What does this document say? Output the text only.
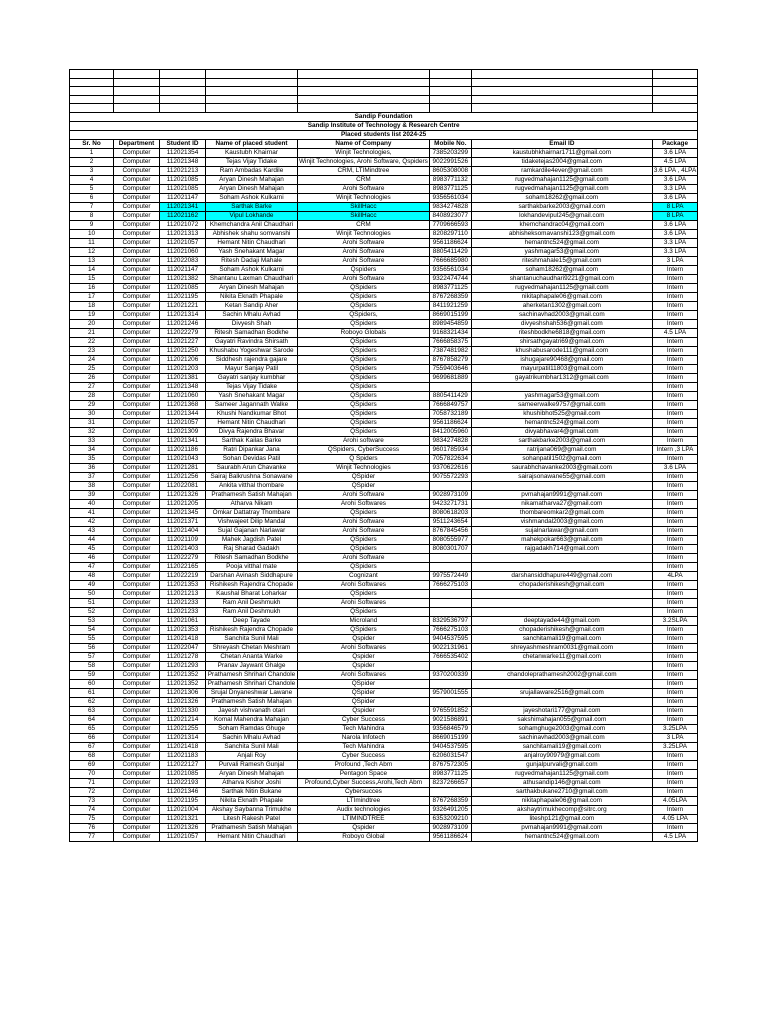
Sandip Foundation							
Sandip Institute of Technology & Research Centre							
Placed students list 2024-25							
Sr. No	Department	Student ID	Name of placed student	Name of Company	Mobile No.	Email ID	Package
1	Computer	112021354	Kaustubh Khairnar	Winjit Technologies,	7385203299	kaustubhkhairnar1711@gmail.com	3.6 LPA
2	Computer	112021348	Tejas Vijay Tidake	Winjit Technologies, Arohi Software, Qspiders	9022991526	tidaketejas2004@gmail.com	4.5 LPA
3	Computer	112021213	Ram Ambadas Kardile	CRM, LTIMindtree	8605308008	ramkardile4ever@gmail.com	3.6 LPA , 4LPA
4	Computer	112021085	Aryan Dinesh Mahajan	CRM	8983771132	rugvedmahajan1125@gmail.com	3.6 LPA
5	Computer	112021085	Aryan Dinesh Mahajan	Arohi Software	8983771125	rugvedmahajan1125@gmail.com	3.3 LPA
6	Computer	112021147	Soham Ashok Kulkarni	Winjit Technologies	9356561034	soham18262@gmail.com	3.6 LPA
7	Computer	112021341	Sarthak Barke	SkillHacc	9834274828	sarthakbarke2003@gmail.com	8 LPA
8	Computer	112021162	Vipul Lokhande	SkillHacc	8408923077	lokhandevipul245@gmail.com	8 LPA
9	Computer	112021072	Khemchandra Anil Chaudhari	CRM	7709666593	khemchandrac04@gmail.com	3.6 LPA
10	Computer	112021313	Abhishek shahu somvanshi	Winjit Technologies	8208297110	abhisheksomavanshi123@gmail.com	3.6 LPA
11	Computer	112021057	Hemant Nitin Chaudhari	Arohi Software	9561186624	hemantnc524@gmail.com	3.3 LPA
12	Computer	112021060	Yash Snehakant Magar	Arohi Software	8805411429	yashmagar53@gmail.com	3.3 LPA
13	Computer	112022083	Ritesh Dadaji Mahale	Arohi Software	7666685980	riteshmahale15@gmail.com	3 LPA
14	Computer	112021147	Soham Ashok Kulkarni	Qspiders	9356561034	soham18262@gmail.com	Intern
15	Computer	112021382	Shantanu Laxman Chaudhari	Arohi Software	9322474744	shantanuchaudhari9221@gmail.com	Intern
16	Computer	112021085	Aryan Dinesh Mahajan	QSpiders	8983771125	rugvedmahajan1125@gmail.com	Intern
17	Computer	112021195	Nikita Eknath Phapale	QSpiders	8767268359	nikitaphapale06@gmail.com	Intern
18	Computer	112021221	Ketan Sandip Aher	QSpiders	8411921259	aherketan1302@gmail.com	Intern
19	Computer	112021314	Sachin Mhalu Avhad	QSpiders,	8669015199	sachinavhad2003@gmail.com	Intern
20	Computer	112021246	Divyesh Shah	QSpiders	8989454859	divyeshshah536@gmail.com	Intern
21	Computer	112022279	Ritesh Samadhan Bodkhe	Roboyo Globals	9168321434	riteshbodkhe6818@gmail.com	4.5 LPA
22	Computer	112021227	Gayatri Ravindra Shirsath	QSpiders	7666858375	shirsathgayatri69@gmail.com	Intern
23	Computer	112021250	Khushabu Yogeshwar Sarode	QSpiders	7387481982	khushabusarode111@gmail.com	Intern
24	Computer	112021206	Siddhesh rajendra gajare	QSpiders	8767858279	ishugajare90468@gmail.com	Intern
25	Computer	112021203	Mayur Sanjay Patil	QSpiders	7559403646	mayurpatil11803@gmail.com	Intern
26	Computer	112021381	Gayatri sanjay kumbhar	QSpiders	9699681889	gayatrikumbhar1312@gmail.com	Intern
27	Computer	112021348	Tejas Vijay Tidake	QSpiders			Intern
28	Computer	112021060	Yash Snehakant Magar	QSpiders	8805411429	yashmagar53@gmail.com	Intern
29	Computer	112021368	Sameer Jagannath Walke	QSpiders	7666849757	sameerwalke9757@gmail.com	Intern
30	Computer	112021344	Khushi Nandkumar Bhot	QSpiders	7058732189	khushibhot525@gmail.com	Intern
31	Computer	112021057	Hemant Nitin Chaudhari	QSpiders	9561186624	hemantnc524@gmail.com	Intern
32	Computer	112021309	Divya Rajendra Bhavar	QSpiders	8412005960	divyabhavar4@gmail.com	Intern
33	Computer	112021341	Sarthak Kailas Barke	Arohi software	9834274828	sarthakbarke2003@gmail.com	Intern
34	Computer	112021186	Ratri Dipankar Jana	QSpiders, CyberSuccess	9601785934	ratrijana069@gmail.com	Intern ,3 LPA
35	Computer	112021043	Sohan Devidas Patil	Q Spiders	7057822634	sohanpatil1502@gmail.com	Intern
36	Computer	112021281	Saurabh Arun Chavanke	Winjit Technologies	9370622616	saurabhchavanke2003@gmail.com	3.6 LPA
37	Computer	112021256	Sairaj Balkrushna Sonawane	QSpider	9075572293	sairajsonawane55@gmail.com	Intern
38	Computer	112022081	Ankita vitthal thombare	QSpider			Intern
39	Computer	112021326	Prathamesh Satish Mahajan	Arohi Software	9028973109	pvmahajan9991@gmail.com	Intern
40	Computer	112021205	Atharva Nikam	Arohi Softwares	9423271731	nikamatharva27@gmail.com	Intern
41	Computer	112021345	Omkar Dattatray Thombare	QSpiders	8080618203	thombareomkar2@gmail.com	Intern
42	Computer	112021371	Vishwajeet Dilip Mandal	Arohi Software	9511243654	vishmandal2003@gmail.com	Intern
43	Computer	112021404	Sujal Gajanan Narlawar	Arohi Software	8767845456	sujalnarlawar@gmail.com	Intern
44	Computer	112021109	Mahek Jagdish Patel	QSpiders	8080555977	mahekpokar663@gmail.com	Intern
45	Computer	112021403	Raj Sharad Gadakh	QSpiders	8080301707	rajgadakh714@gmail.com	Intern
46	Computer	112022279	Ritesh Samadhan Bodkhe	Arohi Software			Intern
47	Computer	112022165	Pooja vitthal mate	QSpiders			Intern
48	Computer	112022219	Darshan Avinash Siddhapure	Cognizant	9975572449	darshansiddhapure449@gmail.com	4LPA
49	Computer	112021353	Rishikesh Rajendra Chopade	Arohi Softwares	7666275103	chopaderishikesh@gmail.com	Intern
50	Computer	112021213	Kaushal Bharat Loharkar	QSpiders			Intern
51	Computer	112021233	Ram Anil Deshmukh	Arohi Softwares			Intern
52	Computer	112021233	Ram Anil Deshmukh	QSpiders			Intern
53	Computer	112021061	Deep Tayade	Microland	8329536797	deeptayade44@gmail.com	3.2SLPA
54	Computer	112021353	Rishikesh Rajendra Chopade	QSpiders	7666275103	chopaderishikesh@gmail.com	Intern
55	Computer	112021418	Sanchita Sunil Mali	Qspider	9404537595	sanchitamali19@gmail.com	Intern
56	Computer	112022047	Shreyash Chetan Meshram	Arohi Softwares	9022131961	shreyashmeshram0031@gmail.com	Intern
57	Computer	112021278	Chetan Ananta Warke	Qspider	7666535402	chetanwarke11@gmail.com	Intern
58	Computer	112021293	Pranav Jaywant Ghalge	Qspider			Intern
59	Computer	112021352	Prathamesh Shrihari Chandole	Arohi Softwares	9370200339	chandoleprathamesh2002@gmail.com	Intern
60	Computer	112021352	Prathamesh Shrihari Chandole	QSpider			Intern
61	Computer	112021306	Srujal Dnyaneshwar Lawane	QSpider	9579001555	srujallaware2516@gmail.com	Intern
62	Computer	112021326	Prathamesh Satish Mahajan	QSpider			Intern
63	Computer	112021330	Jayesh vishvanath otari	Qspider	9765591852	jayeshotari177@gmail.com	Intern
64	Computer	112021214	Komal Mahendra Mahajan	Cyber Success	9021586891	sakshimahajan055@gmail.com	Intern
65	Computer	112021255	Soham Ramdas Ghuge	Tech Mahindra	9356846579	sohamghuge2003@gmail.com	3.25LPA
66	Computer	112021314	Sachin Mhalu Avhad	Narola Infotech	8669015199	sachinavhad2003@gmail.com	3 LPA
67	Computer	112021418	Sanchita Sunil Mali	Tech Mahindra	9404537595	sanchitamali19@gmail.com	3.25LPA
68	Computer	112021183	Anjali Roy	Cyber Success	6206031547	anjalroy90979@gmail.com	Intern
69	Computer	112022127	Purvali Ramesh Gunjal	Profound ,Tech Abm	8767572305	gunjalpurvali@gmail.com	Intern
70	Computer	112021085	Aryan Dinesh Mahajan	Pentagon Space	8983771125	rugvedmahajan1125@gmail.com	Intern
71	Computer	112022193	Atharva Kishor Joshi	Profound,Cyber Success,Arohi,Tech Abm	8237266657	athusandip146@gmail.com	Intern
72	Computer	112021346	Sarthak Nitin Bukane	Cybersucces		sarthakbukane2710@gmail.com	Intern
73	Computer	112021195	Nikita Eknath Phapale	LTImindtree	8767268359	nikitaphapale06@gmail.com	4.05LPA
74	Computer	112021004	Akshay Saybanna Trimukhe	Audix technologies	9326491205	akshaytrimukhecomp@sitrc.org	Intern
75	Computer	112021321	Litesh Rakesh Patel	LTIMINDTREE	6353209210	liteshp121@gmail.com	4.05 LPA
76	Computer	112021326	Prathamesh Satish Mahajan	Qspider	9028973109	pvmahajan9991@gmail.com	Intern
77	Computer	112021057	Hemant Nitin Chaudhari	Roboyo Global	9561186624	hemantnc524@gmail.com	4.5 LPA
